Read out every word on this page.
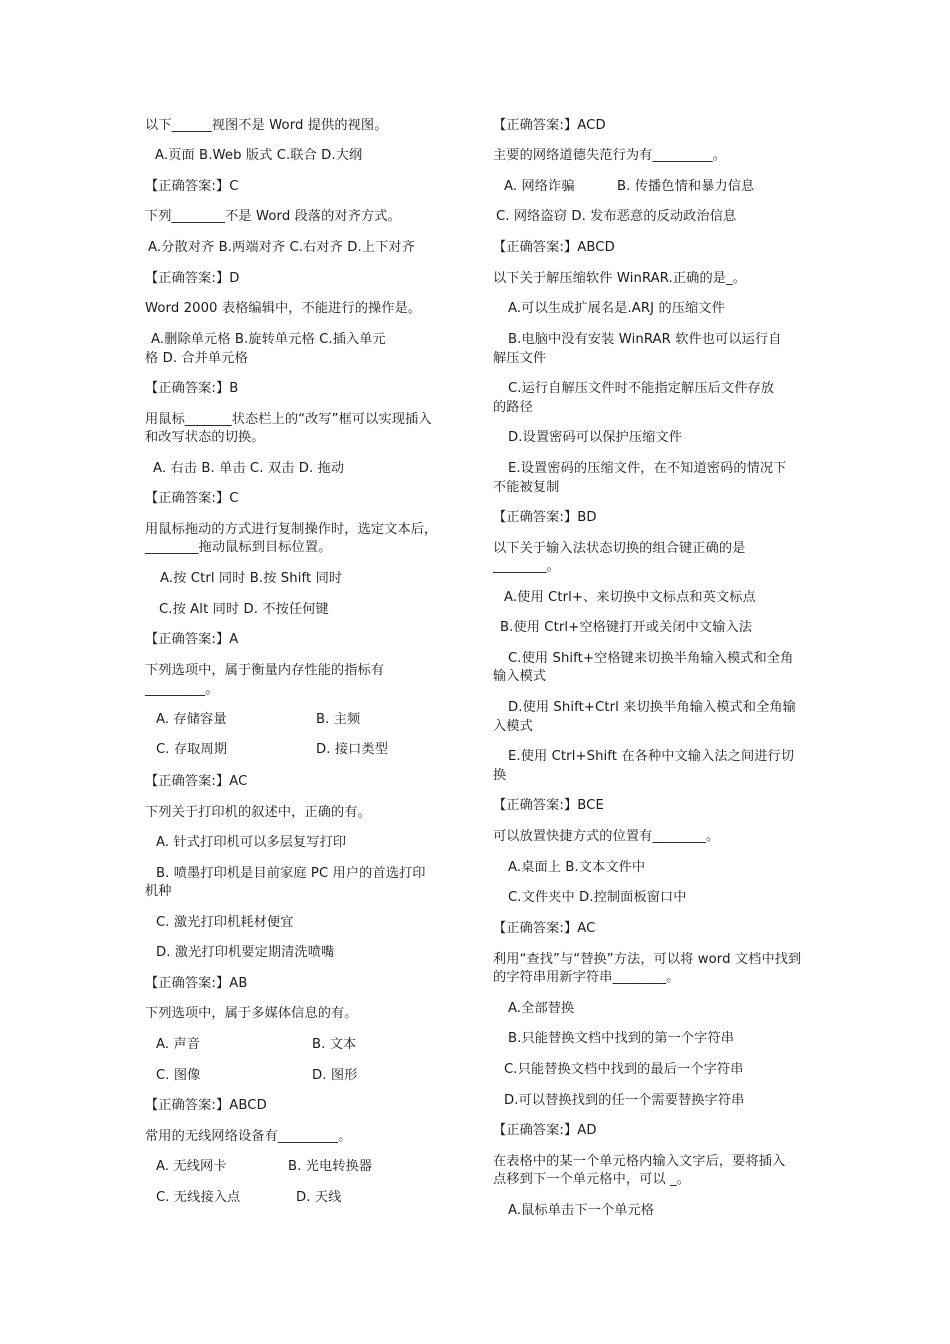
以下______视图不是 Word 提供的视图。
A.页面 B.Web 版式 C.联合 D.大纲
【正确答案:】C
下列________不是 Word 段落的对齐方式。
A.分散对齐 B.两端对齐 C.右对齐 D.上下对齐
【正确答案:】D
Word 2000 表格编辑中，不能进行的操作是。
A.删除单元格 B.旋转单元格 C.插入单元
格 D. 合并单元格
【正确答案:】B
用鼠标_______状态栏上的“改写”框可以实现插入
和改写状态的切换。
A. 右击 B. 单击 C. 双击 D. 拖动
【正确答案:】C
用鼠标拖动的方式进行复制操作时，选定文本后，
________拖动鼠标到目标位置。
A.按 Ctrl 同时 B.按 Shift 同时
C.按 Alt 同时 D. 不按任何键
【正确答案:】A
下列选项中，属于衡量内存性能的指标有
_________。
A. 存储容量	B. 主频
C. 存取周期	D. 接口类型
【正确答案:】AC
下列关于打印机的叙述中，正确的有。
A. 针式打印机可以多层复写打印
B. 喷墨打印机是目前家庭 PC 用户的首选打印
机种
C. 激光打印机耗材便宜
D. 激光打印机要定期清洗喷嘴
【正确答案:】AB
下列选项中，属于多媒体信息的有。
A. 声音	B. 文本
C. 图像	D. 图形
【正确答案:】ABCD
常用的无线网络设备有_________。
A. 无线网卡	B. 光电转换器
C. 无线接入点	D. 天线
【正确答案:】ACD
主要的网络道德失范行为有_________。
A. 网络诈骗	B. 传播色情和暴力信息
C. 网络盗窃 D. 发布恶意的反动政治信息
【正确答案:】ABCD
以下关于解压缩软件 WinRAR.正确的是_。
A.可以生成扩展名是.ARJ 的压缩文件
B.电脑中没有安装 WinRAR 软件也可以运行自
解压文件
C.运行自解压文件时不能指定解压后文件存放
的路径
D.设置密码可以保护压缩文件
E.设置密码的压缩文件，在不知道密码的情况下
不能被复制
【正确答案:】BD
以下关于输入法状态切换的组合键正确的是
________。
A.使用 Ctrl+、来切换中文标点和英文标点
B.使用 Ctrl+空格键打开或关闭中文输入法
C.使用 Shift+空格键来切换半角输入模式和全角
输入模式
D.使用 Shift+Ctrl 来切换半角输入模式和全角输
入模式
E.使用 Ctrl+Shift 在各种中文输入法之间进行切
换
【正确答案:】BCE
可以放置快捷方式的位置有________。
A.桌面上 B.文本文件中
C.文件夹中 D.控制面板窗口中
【正确答案:】AC
利用“查找”与“替换”方法，可以将 word 文档中找到
的字符串用新字符串________。
A.全部替换
B.只能替换文档中找到的第一个字符串
C.只能替换文档中找到的最后一个字符串
D.可以替换找到的任一个需要替换字符串
【正确答案:】AD
在表格中的某一个单元格内输入文字后，要将插入
点移到下一个单元格中，可以 _。
A.鼠标单击下一个单元格
